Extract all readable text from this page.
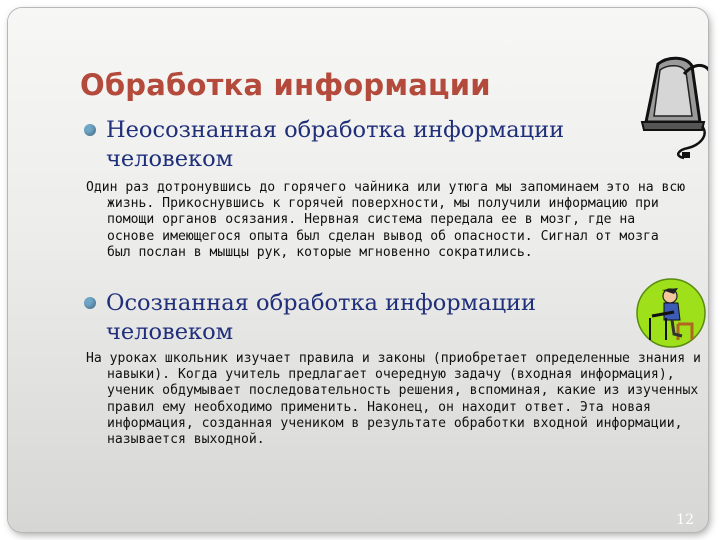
Обработка информации
Неосознанная обработка информации человеком
Один раз дотронувшись до горячего чайника или утюга мы запоминаем это на всю жизнь. Прикоснувшись к горячей поверхности, мы получили информацию при помощи органов осязания. Нервная система передала ее в мозг, где на основе имеющегося опыта был сделан вывод об опасности. Сигнал от мозга был послан в мышцы рук, которые мгновенно сократились.
Осознанная обработка информации человеком
На уроках школьник изучает правила и законы (приобретает определенные знания и навыки). Когда учитель предлагает очередную задачу (входная информация), ученик обдумывает последовательность решения, вспоминая, какие из изученных правил ему необходимо применить. Наконец, он находит ответ. Эта новая информация, созданная учеником в результате обработки входной информации, называется выходной.
12
